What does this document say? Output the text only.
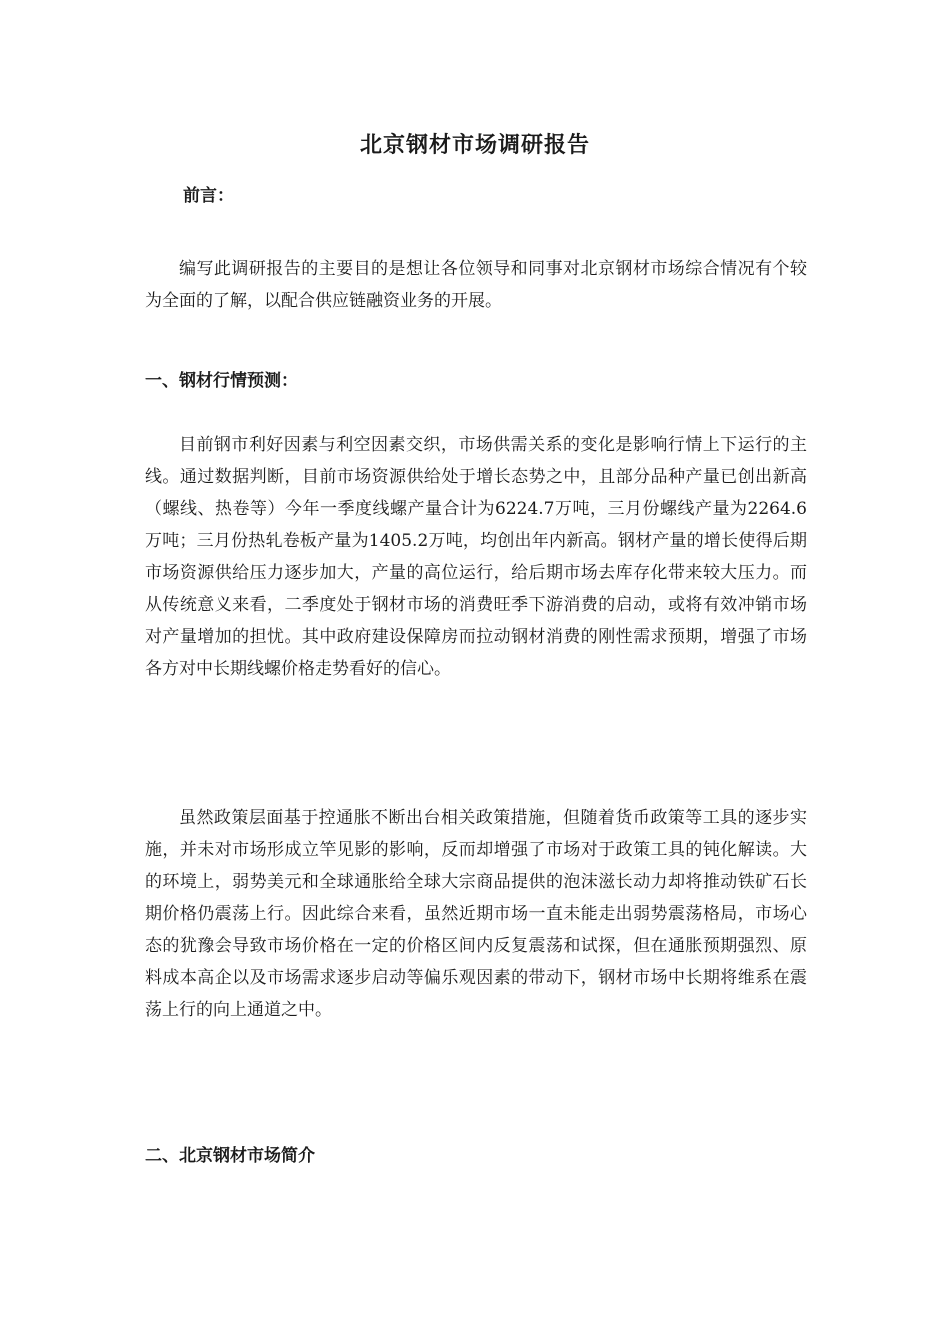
北京钢材市场调研报告
前言：

编写此调研报告的主要目的是想让各位领导和同事对北京钢材市场综合情况有个较为全面的了解，以配合供应链融资业务的开展。

一、钢材行情预测：

目前钢市利好因素与利空因素交织，市场供需关系的变化是影响行情上下运行的主线。通过数据判断，目前市场资源供给处于增长态势之中，且部分品种产量已创出新高（螺线、热卷等）今年一季度线螺产量合计为6224.7万吨，三月份螺线产量为2264.6万吨；三月份热轧卷板产量为1405.2万吨，均创出年内新高。钢材产量的增长使得后期市场资源供给压力逐步加大，产量的高位运行，给后期市场去库存化带来较大压力。而从传统意义来看，二季度处于钢材市场的消费旺季下游消费的启动，或将有效冲销市场对产量增加的担忧。其中政府建设保障房而拉动钢材消费的刚性需求预期，增强了市场各方对中长期线螺价格走势看好的信心。

虽然政策层面基于控通胀不断出台相关政策措施，但随着货币政策等工具的逐步实施，并未对市场形成立竿见影的影响，反而却增强了市场对于政策工具的钝化解读。大的环境上，弱势美元和全球通胀给全球大宗商品提供的泡沫滋长动力却将推动铁矿石长期价格仍震荡上行。因此综合来看，虽然近期市场一直未能走出弱势震荡格局，市场心态的犹豫会导致市场价格在一定的价格区间内反复震荡和试探，但在通胀预期强烈、原料成本高企以及市场需求逐步启动等偏乐观因素的带动下，钢材市场中长期将维系在震荡上行的向上通道之中。

二、北京钢材市场简介
